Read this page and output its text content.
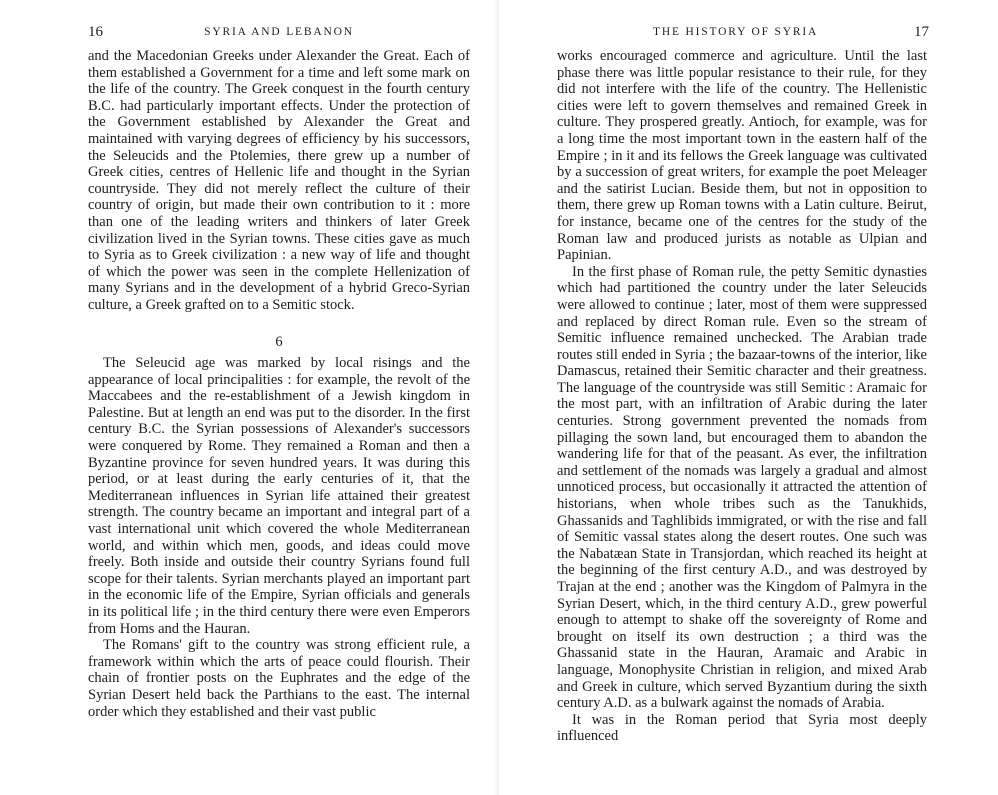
16	SYRIA AND LEBANON

and the Macedonian Greeks under Alexander the Great. Each of them established a Government for a time and left some mark on the life of the country. The Greek conquest in the fourth century B.C. had particularly important effects. Under the protection of the Government established by Alexander the Great and maintained with varying degrees of efficiency by his successors, the Seleucids and the Ptolemies, there grew up a number of Greek cities, centres of Hellenic life and thought in the Syrian countryside. They did not merely reflect the culture of their country of origin, but made their own contribution to it : more than one of the leading writers and thinkers of later Greek civilization lived in the Syrian towns. These cities gave as much to Syria as to Greek civilization : a new way of life and thought of which the power was seen in the complete Hellenization of many Syrians and in the development of a hybrid Greco-Syrian culture, a Greek grafted on to a Semitic stock.

6

The Seleucid age was marked by local risings and the appearance of local principalities : for example, the revolt of the Maccabees and the re-establishment of a Jewish kingdom in Palestine. But at length an end was put to the disorder. In the first century B.C. the Syrian possessions of Alexander's successors were conquered by Rome. They remained a Roman and then a Byzantine province for seven hundred years. It was during this period, or at least during the early centuries of it, that the Mediterranean influences in Syrian life attained their greatest strength. The country became an important and integral part of a vast international unit which covered the whole Mediterranean world, and within which men, goods, and ideas could move freely. Both inside and outside their country Syrians found full scope for their talents. Syrian merchants played an important part in the economic life of the Empire, Syrian officials and generals in its political life ; in the third century there were even Emperors from Homs and the Hauran.

The Romans' gift to the country was strong efficient rule, a framework within which the arts of peace could flourish. Their chain of frontier posts on the Euphrates and the edge of the Syrian Desert held back the Parthians to the east. The internal order which they established and their vast public

THE HISTORY OF SYRIA	17

works encouraged commerce and agriculture. Until the last phase there was little popular resistance to their rule, for they did not interfere with the life of the country. The Hellenistic cities were left to govern themselves and remained Greek in culture. They prospered greatly. Antioch, for example, was for a long time the most important town in the eastern half of the Empire ; in it and its fellows the Greek language was cultivated by a succession of great writers, for example the poet Meleager and the satirist Lucian. Beside them, but not in opposition to them, there grew up Roman towns with a Latin culture. Beirut, for instance, became one of the centres for the study of the Roman law and produced jurists as notable as Ulpian and Papinian.

In the first phase of Roman rule, the petty Semitic dynasties which had partitioned the country under the later Seleucids were allowed to continue ; later, most of them were suppressed and replaced by direct Roman rule. Even so the stream of Semitic influence remained unchecked. The Arabian trade routes still ended in Syria ; the bazaar-towns of the interior, like Damascus, retained their Semitic character and their greatness. The language of the countryside was still Semitic : Aramaic for the most part, with an infiltration of Arabic during the later centuries. Strong government prevented the nomads from pillaging the sown land, but encouraged them to abandon the wandering life for that of the peasant. As ever, the infiltration and settlement of the nomads was largely a gradual and almost unnoticed process, but occasionally it attracted the attention of historians, when whole tribes such as the Tanukhids, Ghassanids and Taghlibids immigrated, or with the rise and fall of Semitic vassal states along the desert routes. One such was the Nabatæan State in Transjordan, which reached its height at the beginning of the first century A.D., and was destroyed by Trajan at the end ; another was the Kingdom of Palmyra in the Syrian Desert, which, in the third century A.D., grew powerful enough to attempt to shake off the sovereignty of Rome and brought on itself its own destruction ; a third was the Ghassanid state in the Hauran, Aramaic and Arabic in language, Monophysite Christian in religion, and mixed Arab and Greek in culture, which served Byzantium during the sixth century A.D. as a bulwark against the nomads of Arabia.

It was in the Roman period that Syria most deeply influenced
